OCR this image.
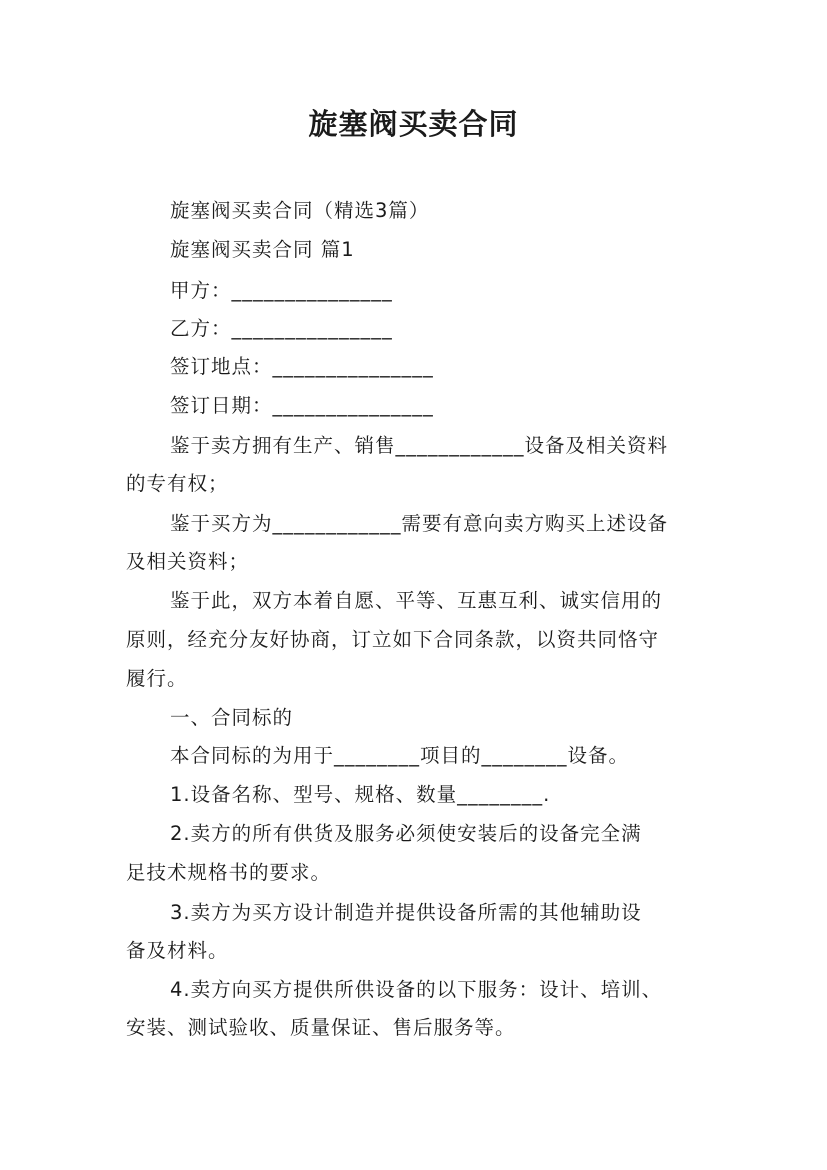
旋塞阀买卖合同
旋塞阀买卖合同（精选3篇）
旋塞阀买卖合同 篇1
甲方：_______________
乙方：_______________
签订地点：_______________
签订日期：_______________
鉴于卖方拥有生产、销售____________设备及相关资料
的专有权；
鉴于买方为____________需要有意向卖方购买上述设备
及相关资料；
鉴于此，双方本着自愿、平等、互惠互利、诚实信用的
原则，经充分友好协商，订立如下合同条款，以资共同恪守
履行。
一、合同标的
本合同标的为用于________项目的________设备。
1.设备名称、型号、规格、数量________.
2.卖方的所有供货及服务必须使安装后的设备完全满
足技术规格书的要求。
3.卖方为买方设计制造并提供设备所需的其他辅助设
备及材料。
4.卖方向买方提供所供设备的以下服务：设计、培训、
安装、测试验收、质量保证、售后服务等。
